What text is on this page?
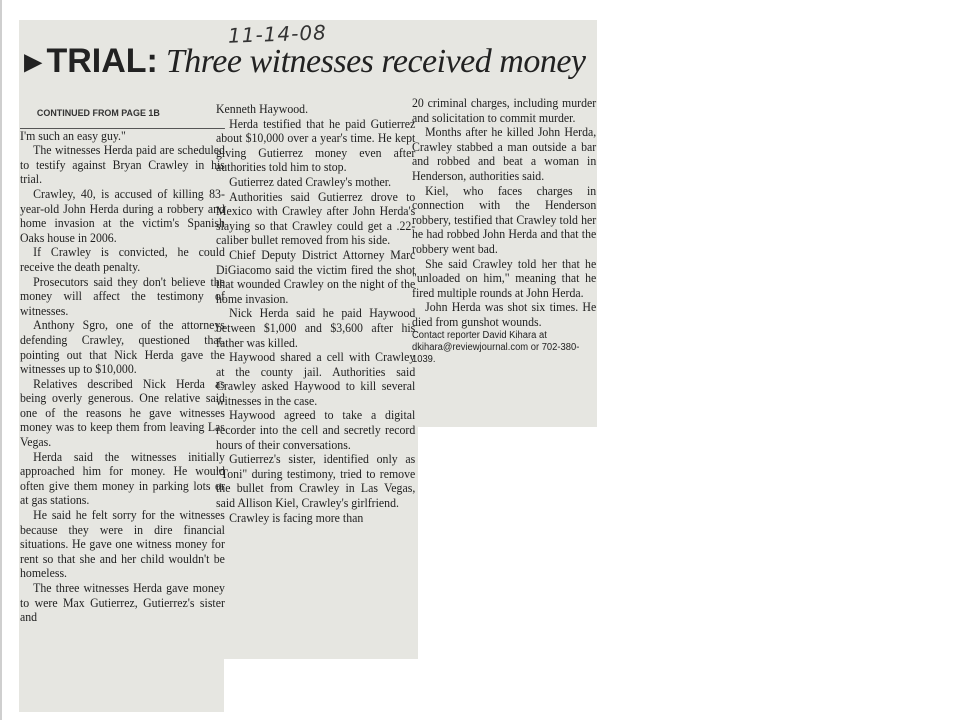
11-14-08
▶ TRIAL: Three witnesses received money

CONTINUED FROM PAGE 1B

I'm such an easy guy."

The witnesses Herda paid are scheduled to testify against Bryan Crawley in his trial.

Crawley, 40, is accused of killing 83-year-old John Herda during a robbery and home invasion at the victim's Spanish Oaks house in 2006.

If Crawley is convicted, he could receive the death penalty.

Prosecutors said they don't believe the money will affect the testimony of witnesses.

Anthony Sgro, one of the attorneys defending Crawley, questioned that, pointing out that Nick Herda gave the witnesses up to $10,000.

Relatives described Nick Herda as being overly generous. One relative said one of the reasons he gave witnesses money was to keep them from leaving Las Vegas.

Herda said the witnesses initially approached him for money. He would often give them money in parking lots or at gas stations.

He said he felt sorry for the witnesses because they were in dire financial situations. He gave one witness money for rent so that she and her child wouldn't be homeless.

The three witnesses Herda gave money to were Max Gutierrez, Gutierrez's sister and

Kenneth Haywood.

Herda testified that he paid Gutierrez about $10,000 over a year's time. He kept giving Gutierrez money even after authorities told him to stop.

Gutierrez dated Crawley's mother.

Authorities said Gutierrez drove to Mexico with Crawley after John Herda's slaying so that Crawley could get a .22-caliber bullet removed from his side.

Chief Deputy District Attorney Marc DiGiacomo said the victim fired the shot that wounded Crawley on the night of the home invasion.

Nick Herda said he paid Haywood between $1,000 and $3,600 after his father was killed.

Haywood shared a cell with Crawley at the county jail. Authorities said Crawley asked Haywood to kill several witnesses in the case.

Haywood agreed to take a digital recorder into the cell and secretly record hours of their conversations.

Gutierrez's sister, identified only as "Toni" during testimony, tried to remove the bullet from Crawley in Las Vegas, said Allison Kiel, Crawley's girlfriend.

Crawley is facing more than

20 criminal charges, including murder and solicitation to commit murder.

Months after he killed John Herda, Crawley stabbed a man outside a bar and robbed and beat a woman in Henderson, authorities said.

Kiel, who faces charges in connection with the Henderson robbery, testified that Crawley told her he had robbed John Herda and that the robbery went bad.

She said Crawley told her that he "unloaded on him," meaning that he fired multiple rounds at John Herda.

John Herda was shot six times. He died from gunshot wounds.

Contact reporter David Kihara at dkihara@reviewjournal.com or 702-380-1039.
